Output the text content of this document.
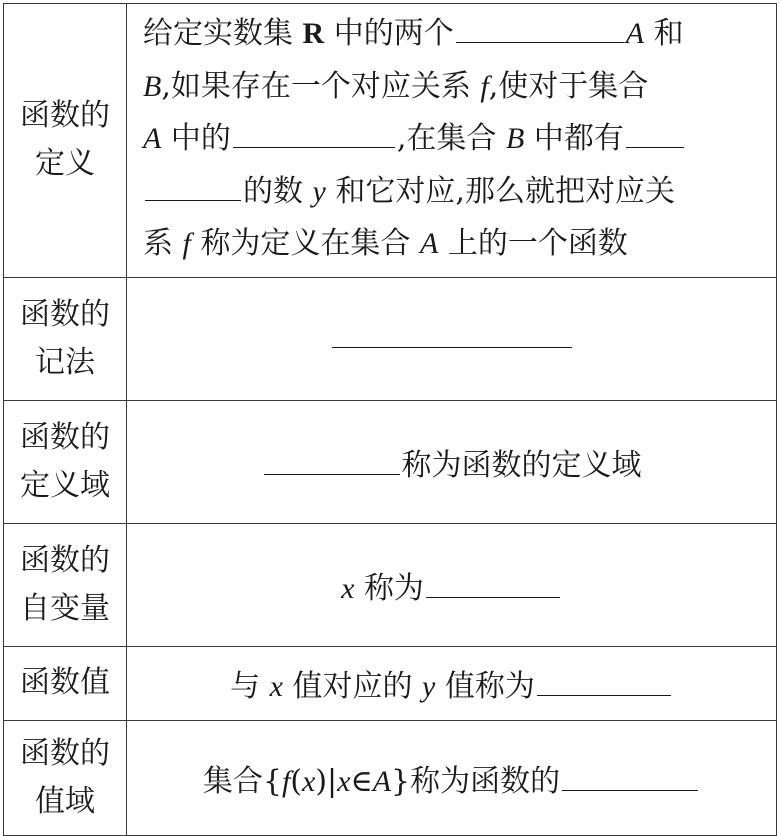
函数的
定义	给定实数集 R 中的两个 A 和
B,如果存在一个对应关系 f,使对于集合
A 中的 ,在集合 B 中都有
的数 y 和它对应,那么就把对应关
系 f 称为定义在集合 A 上的一个函数

函数的
记法	

函数的
定义域	称为函数的定义域

函数的
自变量	x 称为

函数值	与 x 值对应的 y 值称为

函数的
值域	集合{f(x)|x∈A}称为函数的
